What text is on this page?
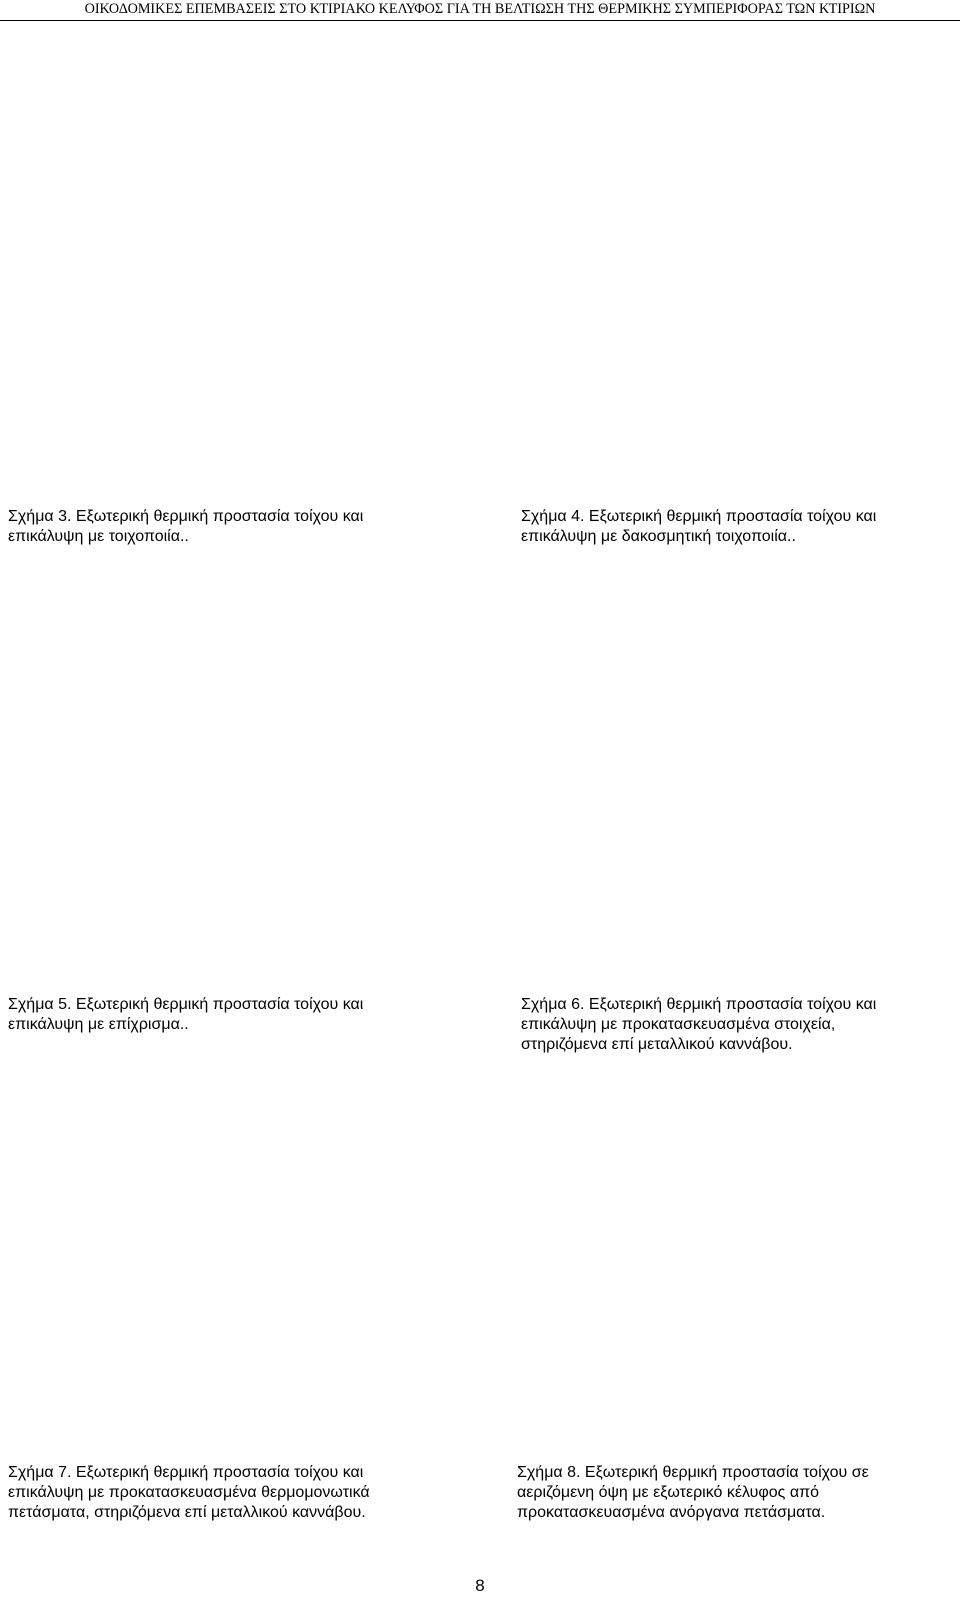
ΟΙΚΟΔΟΜΙΚΕΣ ΕΠΕΜΒΑΣΕΙΣ ΣΤΟ ΚΤΙΡΙΑΚΟ ΚΕΛΥΦΟΣ ΓΙΑ ΤΗ ΒΕΛΤΙΩΣΗ ΤΗΣ ΘΕΡΜΙΚΗΣ ΣΥΜΠΕΡΙΦΟΡΑΣ ΤΩΝ ΚΤΙΡΙΩΝ
Σχήμα 3. Εξωτερική θερμική προστασία τοίχου και
επικάλυψη με τοιχοποιία..
Σχήμα 4. Εξωτερική θερμική προστασία τοίχου και
επικάλυψη με δακοσμητική τοιχοποιία..
Σχήμα 5. Εξωτερική θερμική προστασία τοίχου και
επικάλυψη με επίχρισμα..
Σχήμα 6. Εξωτερική θερμική προστασία τοίχου και
επικάλυψη με προκατασκευασμένα στοιχεία,
στηριζόμενα επί μεταλλικού καννάβου.
Σχήμα 7. Εξωτερική θερμική προστασία τοίχου και
επικάλυψη με προκατασκευασμένα θερμομονωτικά
πετάσματα, στηριζόμενα επί μεταλλικού καννάβου.
Σχήμα 8. Εξωτερική θερμική προστασία τοίχου σε
αεριζόμενη όψη με εξωτερικό κέλυφος από
προκατασκευασμένα ανόργανα πετάσματα.
8
